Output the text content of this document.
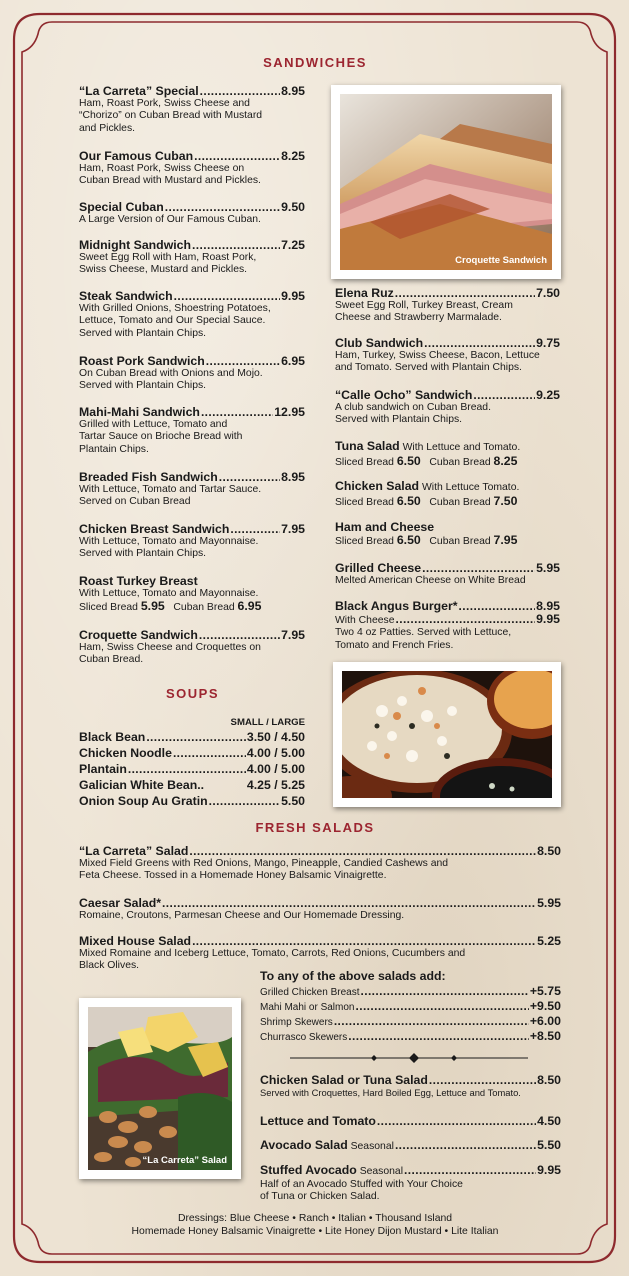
SANDWICHES
“La Carreta” Special .....	8.95
Ham, Roast Pork, Swiss Cheese and
“Chorizo” on Cuban Bread with Mustard
and Pickles.
Our Famous Cuban .....	8.25
Ham, Roast Pork, Swiss Cheese on
Cuban Bread with Mustard and Pickles.
Special Cuban .....	9.50
A Large Version of Our Famous Cuban.
Midnight Sandwich .....	7.25
Sweet Egg Roll with Ham, Roast Pork,
Swiss Cheese, Mustard and Pickles.
Steak Sandwich .....	9.95
With Grilled Onions, Shoestring Potatoes,
Lettuce, Tomato and Our Special Sauce.
Served with Plantain Chips.
Roast Pork Sandwich .....	6.95
On Cuban Bread with Onions and Mojo.
Served with Plantain Chips.
Mahi-Mahi Sandwich .....	12.95
Grilled with Lettuce, Tomato and
Tartar Sauce on Brioche Bread with
Plantain Chips.
Breaded Fish Sandwich .....	8.95
With Lettuce, Tomato and Tartar Sauce.
Served on Cuban Bread
Chicken Breast Sandwich .....	7.95
With Lettuce, Tomato and Mayonnaise.
Served with Plantain Chips.
Roast Turkey Breast
With Lettuce, Tomato and Mayonnaise.
Sliced Bread 5.95 Cuban Bread 6.95
Croquette Sandwich .....	7.95
Ham, Swiss Cheese and Croquettes on
Cuban Bread.
Croquette Sandwich
Elena Ruz .....	7.50
Sweet Egg Roll, Turkey Breast, Cream
Cheese and Strawberry Marmalade.
Club Sandwich .....	9.75
Ham, Turkey, Swiss Cheese, Bacon, Lettuce
and Tomato. Served with Plantain Chips.
“Calle Ocho” Sandwich .....	9.25
A club sandwich on Cuban Bread.
Served with Plantain Chips.
Tuna Salad
With Lettuce and Tomato.
Sliced Bread 6.50 Cuban Bread 8.25
Chicken Salad
With Lettuce Tomato.
Sliced Bread 6.50 Cuban Bread 7.50
Ham and Cheese
Sliced Bread 6.50 Cuban Bread 7.95
Grilled Cheese .....	5.95
Melted American Cheese on White Bread
Black Angus Burger* .....	8.95
With Cheese .....	9.95
Two 4 oz Patties. Served with Lettuce,
Tomato and French Fries.
SOUPS
SMALL / LARGE
Black Bean .....	3.50 / 4.50
Chicken Noodle .....	4.00 / 5.00
Plantain .....	4.00 / 5.00
Galician White Bean..
	4.25 / 5.25
Onion Soup Au Gratin .....	5.50
FRESH SALADS
“La Carreta” Salad .....	8.50
Mixed Field Greens with Red Onions, Mango, Pineapple, Candied Cashews and
Feta Cheese. Tossed in a Homemade Honey Balsamic Vinaigrette.
Caesar Salad* .....	5.95
Romaine, Croutons, Parmesan Cheese and Our Homemade Dressing.
Mixed House Salad .....	5.25
Mixed Romaine and Iceberg Lettuce, Tomato, Carrots, Red Onions, Cucumbers and
Black Olives.
“La Carreta” Salad
To any of the above salads add:
Grilled Chicken Breast .....	+5.75
Mahi Mahi or Salmon .....	+9.50
Shrimp Skewers .....	+6.00
Churrasco Skewers .....	+8.50
Chicken Salad or Tuna Salad .....	8.50
Served with Croquettes, Hard Boiled Egg, Lettuce and Tomato.
Lettuce and Tomato .....	4.50
Avocado Salad
Seasonal .....	5.50
Stuffed Avocado
Seasonal .....	9.95
Half of an Avocado Stuffed with Your Choice
of Tuna or Chicken Salad.
Dressings: Blue Cheese • Ranch • Italian • Thousand Island
Homemade Honey Balsamic Vinaigrette • Lite Honey Dijon Mustard • Lite Italian
